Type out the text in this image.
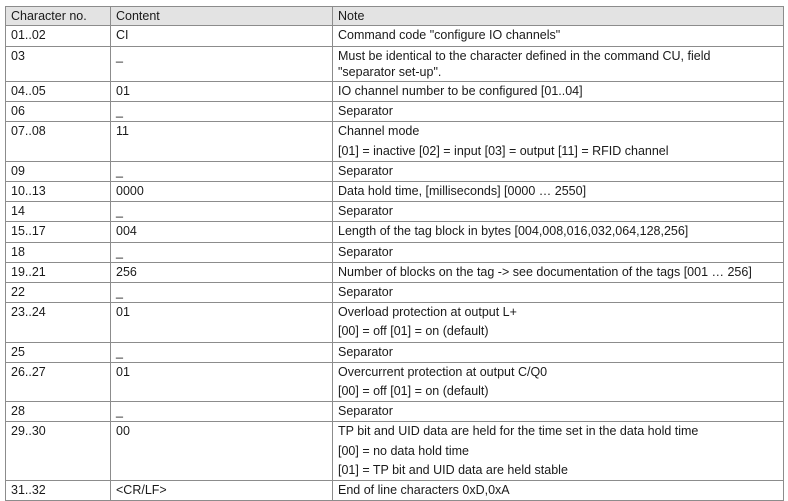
Character no.	Content	Note
01..02	CI	Command code "configure IO channels"

03	_	Must be identical to the character defined in the command CU, field
"separator set-up".

04..05	01	IO channel number to be configured [01..04]

06	_	Separator

07..08	11	Channel mode
[01] = inactive [02] = input [03] = output [11] = RFID channel

09	_	Separator

10..13	0000	Data hold time, [milliseconds] [0000 … 2550]

14	_	Separator

15..17	004	Length of the tag block in bytes [004,008,016,032,064,128,256]

18	_	Separator

19..21	256	Number of blocks on the tag -> see documentation of the tags [001 … 256]

22	_	Separator

23..24	01	Overload protection at output L+
[00] = off [01] = on (default)

25	_	Separator

26..27	01	Overcurrent protection at output C/Q0
[00] = off [01] = on (default)

28	_	Separator

29..30	00	TP bit and UID data are held for the time set in the data hold time
[00] = no data hold time
[01] = TP bit and UID data are held stable

31..32	<CR/LF>	End of line characters 0xD,0xA
